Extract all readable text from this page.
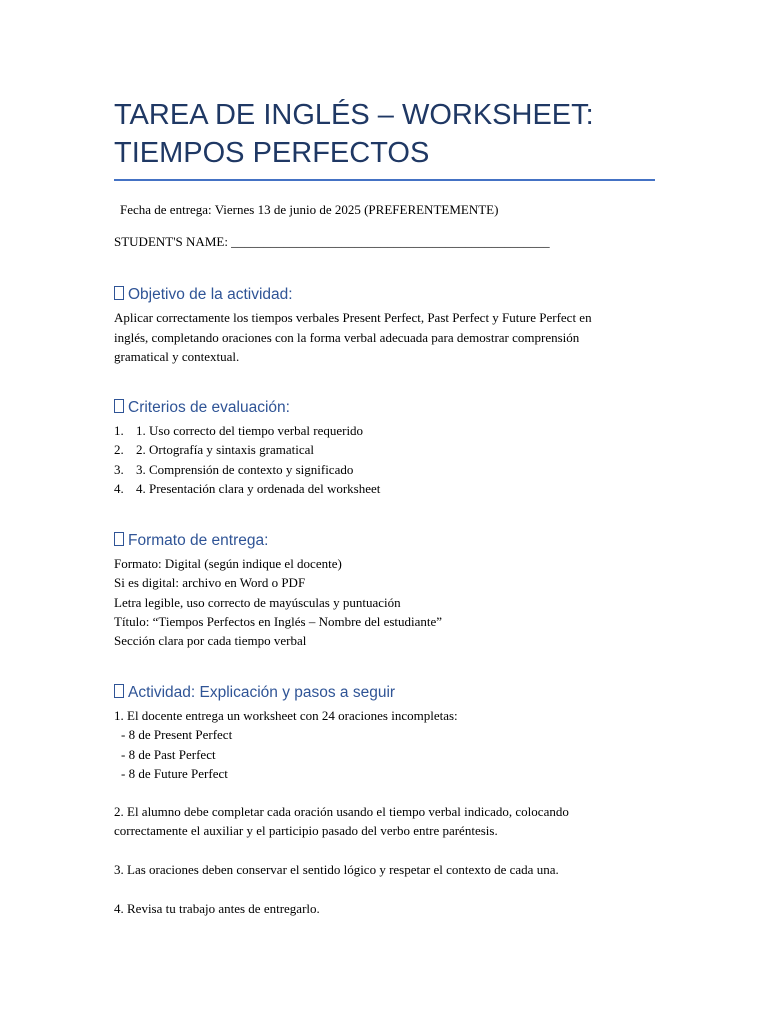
TAREA DE INGLÉS – WORKSHEET:
TIEMPOS PERFECTOS
Fecha de entrega: Viernes 13 de junio de 2025 (PREFERENTEMENTE)
STUDENT'S NAME: _________________________________________________
Objetivo de la actividad:
Aplicar correctamente los tiempos verbales Present Perfect, Past Perfect y Future Perfect en
inglés, completando oraciones con la forma verbal adecuada para demostrar comprensión
gramatical y contextual.
Criterios de evaluación:
1. 1. Uso correcto del tiempo verbal requerido
2. 2. Ortografía y sintaxis gramatical
3. 3. Comprensión de contexto y significado
4. 4. Presentación clara y ordenada del worksheet
Formato de entrega:
Formato: Digital (según indique el docente)
Si es digital: archivo en Word o PDF
Letra legible, uso correcto de mayúsculas y puntuación
Título: “Tiempos Perfectos en Inglés – Nombre del estudiante”
Sección clara por cada tiempo verbal
Actividad: Explicación y pasos a seguir
1. El docente entrega un worksheet con 24 oraciones incompletas:
- 8 de Present Perfect
- 8 de Past Perfect
- 8 de Future Perfect
2. El alumno debe completar cada oración usando el tiempo verbal indicado, colocando
correctamente el auxiliar y el participio pasado del verbo entre paréntesis.
3. Las oraciones deben conservar el sentido lógico y respetar el contexto de cada una.
4. Revisa tu trabajo antes de entregarlo.
